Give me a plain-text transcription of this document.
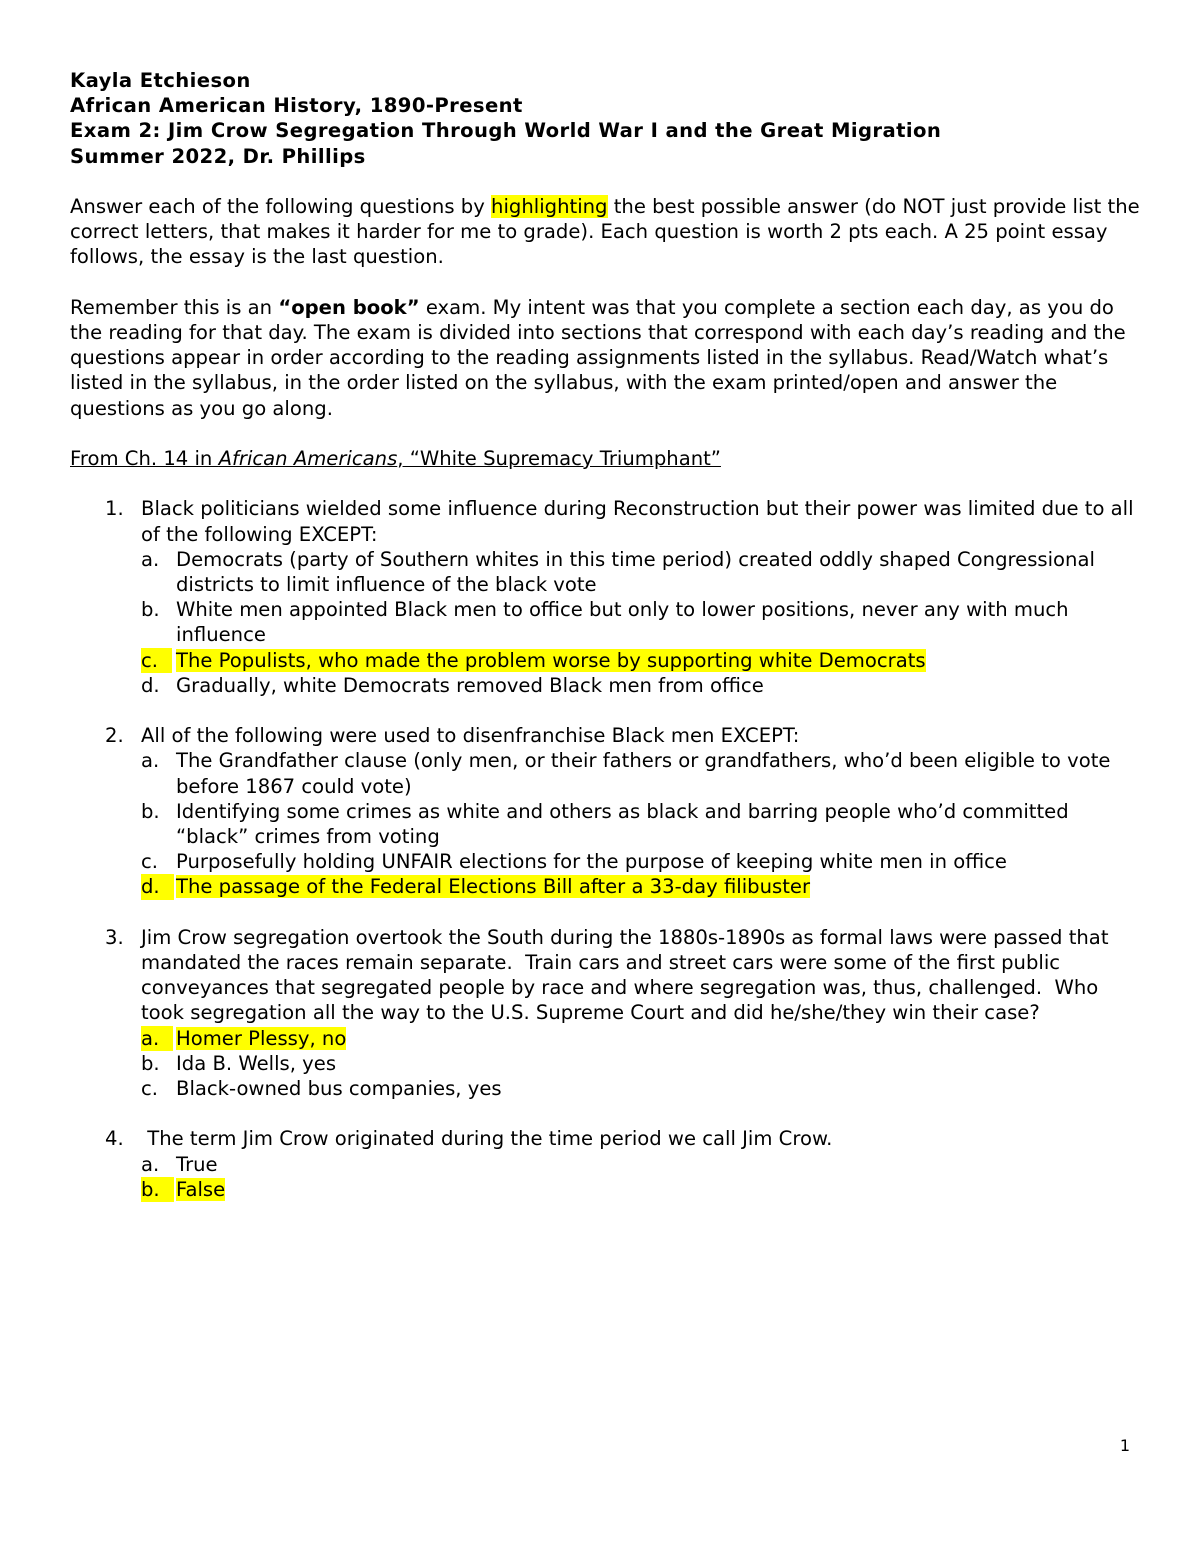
Kayla Etchieson
African American History, 1890-Present
Exam 2: Jim Crow Segregation Through World War I and the Great Migration
Summer 2022, Dr. Phillips

Answer each of the following questions by highlighting the best possible answer (do NOT just provide list the correct letters, that makes it harder for me to grade). Each question is worth 2 pts each. A 25 point essay follows, the essay is the last question.

Remember this is an “open book” exam. My intent was that you complete a section each day, as you do the reading for that day. The exam is divided into sections that correspond with each day’s reading and the questions appear in order according to the reading assignments listed in the syllabus. Read/Watch what’s listed in the syllabus, in the order listed on the syllabus, with the exam printed/open and answer the questions as you go along.

From Ch. 14 in African Americans, “White Supremacy Triumphant”

1. Black politicians wielded some influence during Reconstruction but their power was limited due to all of the following EXCEPT:
a. Democrats (party of Southern whites in this time period) created oddly shaped Congressional districts to limit influence of the black vote
b. White men appointed Black men to office but only to lower positions, never any with much influence
c. The Populists, who made the problem worse by supporting white Democrats
d. Gradually, white Democrats removed Black men from office
2. All of the following were used to disenfranchise Black men EXCEPT:
a. The Grandfather clause (only men, or their fathers or grandfathers, who’d been eligible to vote before 1867 could vote)
b. Identifying some crimes as white and others as black and barring people who’d committed “black” crimes from voting
c. Purposefully holding UNFAIR elections for the purpose of keeping white men in office
d. The passage of the Federal Elections Bill after a 33-day filibuster
3. Jim Crow segregation overtook the South during the 1880s-1890s as formal laws were passed that mandated the races remain separate.  Train cars and street cars were some of the first public conveyances that segregated people by race and where segregation was, thus, challenged.  Who took segregation all the way to the U.S. Supreme Court and did he/she/they win their case?
a. Homer Plessy, no
b. Ida B. Wells, yes
c. Black-owned bus companies, yes
4. The term Jim Crow originated during the time period we call Jim Crow.
a. True
b. False
1
